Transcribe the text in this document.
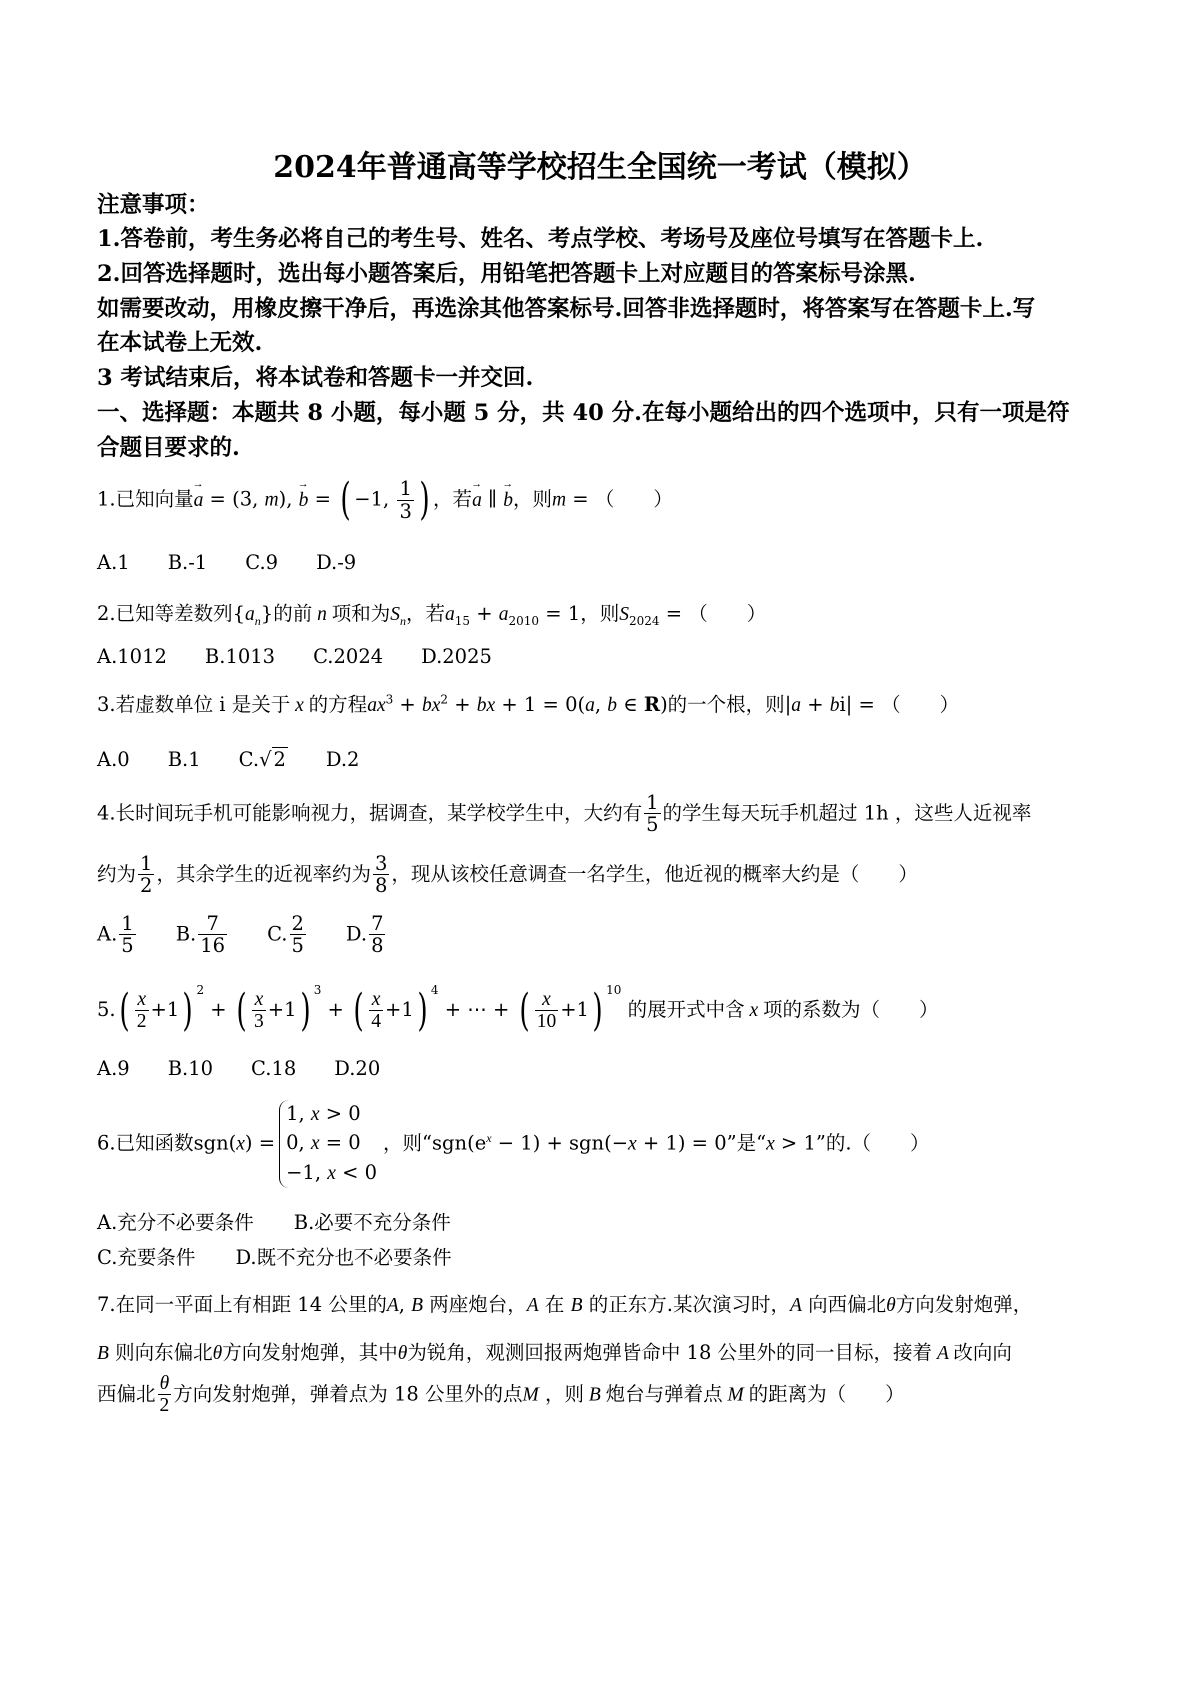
2024年普通高等学校招生全国统一考试（模拟）
注意事项：
1.答卷前，考生务必将自己的考生号、姓名、考点学校、考场号及座位号填写在答题卡上.
2.回答选择题时，选出每小题答案后，用铅笔把答题卡上对应题目的答案标号涂黑.
如需要改动，用橡皮擦干净后，再选涂其他答案标号.回答非选择题时，将答案写在答题卡上.写
在本试卷上无效.
3 考试结束后，将本试卷和答题卡一并交回.
一、选择题：本题共 8 小题，每小题 5 分，共 40 分.在每小题给出的四个选项中，只有一项是符
合题目要求的.
1.已知向量→ a = (3, m), → b = ( −1, $\frac{1}{3}$ ) ，若→ a ∥ → b，则m = （　　）
A.1 B.-1 C.9 D.-9
2.已知等差数列$\{a_n\}$的前 n 项和为$S_n$，若$a_{15} + a_{2010} = 1$，则$S_{2024}$ = （　　）
A.1012 B.1013 C.2024 D.2025
3.若虚数单位 i 是关于 x 的方程$ax^3 + bx^2$ + bx + 1 = 0(a, b ∈ R)的一个根，则|a + bi| = （　　）
A.0 B.1 C.√ 2 D.2
4.长时间玩手机可能影响视力，据调查，某学校学生中，大约有 $\frac{1}{5}$ 的学生每天玩手机超过 1h ，这些人近视率
约为 $\frac{1}{2}$ ，其余学生的近视率约为 $\frac{3}{8}$ ，现从该校任意调查一名学生，他近视的概率大约是（　　）
A. $\frac{1}{5} B$. $\frac{7}{16} C$. $\frac{2}{5} D$. $\frac{7}{8}$
$5.( \frac{x}{2} +1)$ $^2$ + ( $\frac{x}{3} +1$) $^3$ + ( $\frac{x}{4} +1$) $^4$ + ⋯ + ( $\frac{x}{10} +1$) $^{10}$ 的展开式中含 x 项的系数为（　　）
A.9 B.10 C.18 D.20
6.已知函数sgn(x) =
1, x > 0
0, x = 0
−1, x < 0
，则“$sgn(e^x - 1) + sgn(-x + 1) = 0$”是“x > 1”的.（　　）
A.充分不必要条件 B.必要不充分条件
C.充要条件 D.既不充分也不必要条件
7.在同一平面上有相距 14 公里的A, B 两座炮台，A 在 B 的正东方.某次演习时，A 向西偏北θ方向发射炮弹，
B 则向东偏北θ方向发射炮弹，其中θ为锐角，观测回报两炮弹皆命中 18 公里外的同一目标，接着 A 改向向
西偏北 $\frac{\theta}{2}$ 方向发射炮弹，弹着点为 18 公里外的点M ，则 B 炮台与弹着点 M 的距离为（　　）
